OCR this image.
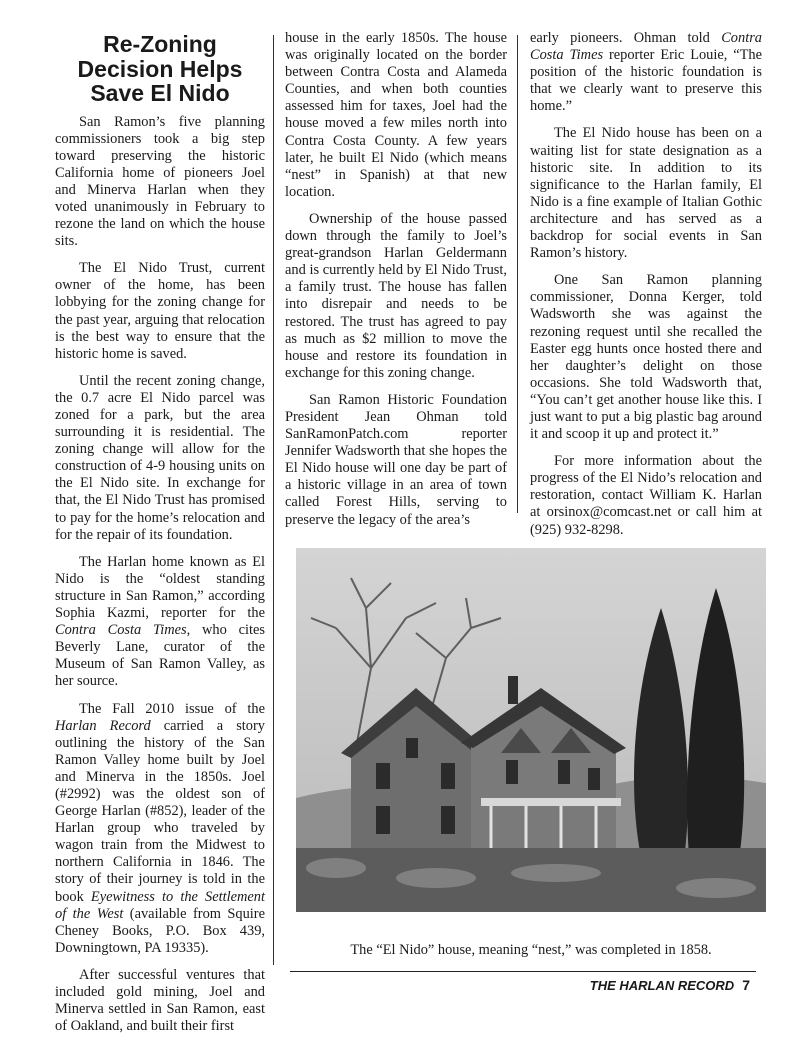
Re-Zoning
Decision Helps
Save El Nido

San Ramon’s five planning commissioners took a big step toward preserving the historic California home of pioneers Joel and Minerva Harlan when they voted unanimously in February to rezone the land on which the house sits.

The El Nido Trust, current owner of the home, has been lobbying for the zoning change for the past year, arguing that relocation is the best way to ensure that the historic home is saved.

Until the recent zoning change, the 0.7 acre El Nido parcel was zoned for a park, but the area surrounding it is residential. The zoning change will allow for the construction of 4-9 housing units on the El Nido site. In exchange for that, the El Nido Trust has promised to pay for the home’s relocation and for the repair of its foundation.

The Harlan home known as El Nido is the “oldest standing structure in San Ramon,” according Sophia Kazmi, reporter for the Contra Costa Times, who cites Beverly Lane, curator of the Museum of San Ramon Valley, as her source.

The Fall 2010 issue of the Harlan Record carried a story outlining the history of the San Ramon Valley home built by Joel and Minerva in the 1850s. Joel (#2992) was the oldest son of George Harlan (#852), leader of the Harlan group who traveled by wagon train from the Midwest to northern California in 1846. The story of their journey is told in the book Eyewitness to the Settlement of the West (available from Squire Cheney Books, P.O. Box 439, Downingtown, PA 19335).

After successful ventures that included gold mining, Joel and Minerva settled in San Ramon, east of Oakland, and built their first

house in the early 1850s. The house was originally located on the border between Contra Costa and Alameda Counties, and when both counties assessed him for taxes, Joel had the house moved a few miles north into Contra Costa County. A few years later, he built El Nido (which means “nest” in Spanish) at that new location.

Ownership of the house passed down through the family to Joel’s great-grandson Harlan Geldermann and is currently held by El Nido Trust, a family trust. The house has fallen into disrepair and needs to be restored. The trust has agreed to pay as much as $2 million to move the house and restore its foundation in exchange for this zoning change.

San Ramon Historic Foundation President Jean Ohman told SanRamonPatch.com reporter Jennifer Wadsworth that she hopes the El Nido house will one day be part of a historic village in an area of town called Forest Hills, serving to preserve the legacy of the area’s

early pioneers. Ohman told Contra Costa Times reporter Eric Louie, “The position of the historic foundation is that we clearly want to preserve this home.”

The El Nido house has been on a waiting list for state designation as a historic site. In addition to its significance to the Harlan family, El Nido is a fine example of Italian Gothic architecture and has served as a backdrop for social events in San Ramon’s history.

One San Ramon planning commissioner, Donna Kerger, told Wadsworth she was against the rezoning request until she recalled the Easter egg hunts once hosted there and her daughter’s delight on those occasions. She told Wadsworth that, “You can’t get another house like this. I just want to put a big plastic bag around it and scoop it up and protect it.”

For more information about the progress of the El Nido’s relocation and restoration, contact William K. Harlan at orsinox@comcast.net or call him at (925) 932-8298.

The “El Nido” house, meaning “nest,” was completed in 1858.
THE HARLAN RECORD 7
